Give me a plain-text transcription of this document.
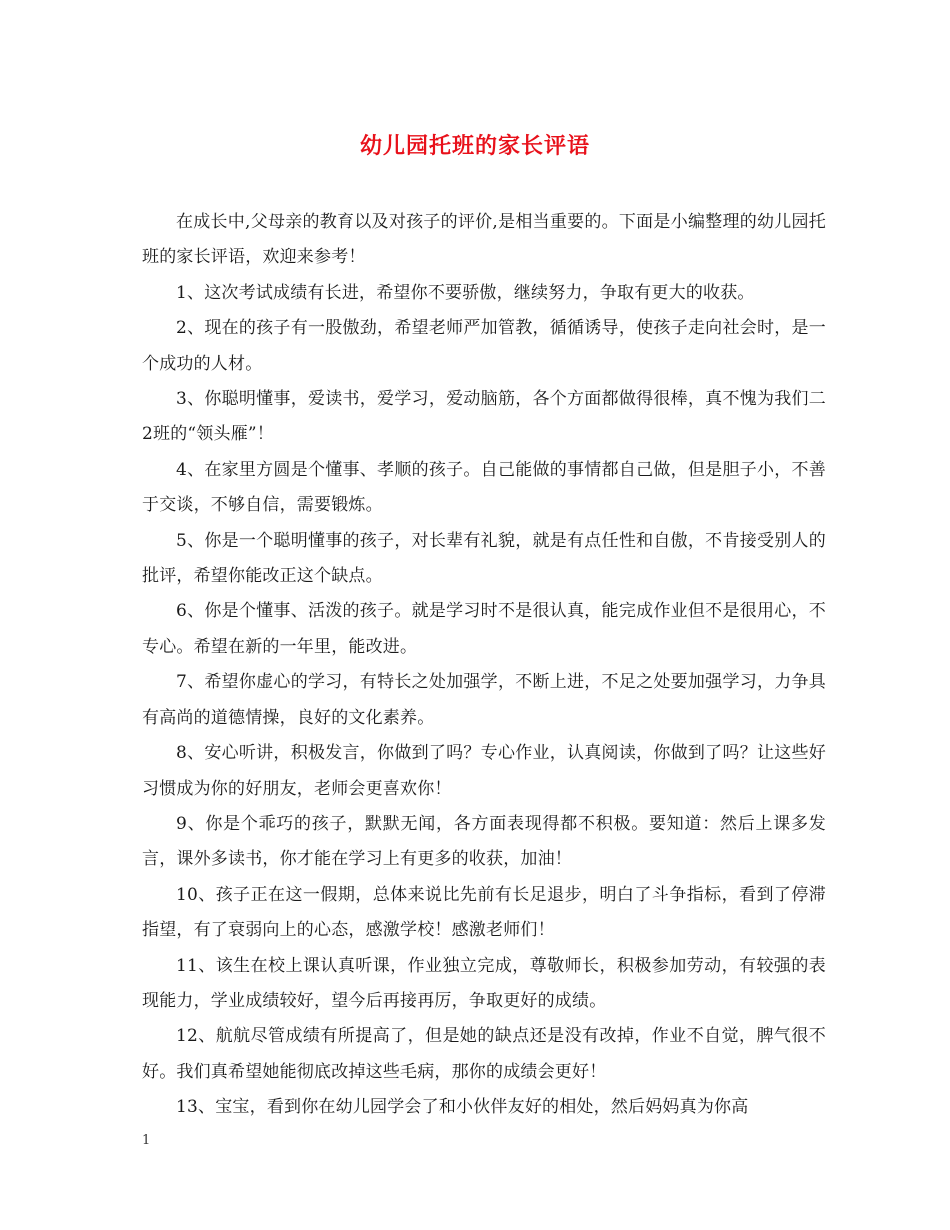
幼儿园托班的家长评语

在成长中,父母亲的教育以及对孩子的评价,是相当重要的。下面是小编整理的幼儿园托班的家长评语，欢迎来参考！

1、这次考试成绩有长进，希望你不要骄傲，继续努力，争取有更大的收获。

2、现在的孩子有一股傲劲，希望老师严加管教，循循诱导，使孩子走向社会时，是一个成功的人材。

3、你聪明懂事，爱读书，爱学习，爱动脑筋，各个方面都做得很棒，真不愧为我们二2班的“领头雁”！

4、在家里方圆是个懂事、孝顺的孩子。自己能做的事情都自己做，但是胆子小，不善于交谈，不够自信，需要锻炼。

5、你是一个聪明懂事的孩子，对长辈有礼貌，就是有点任性和自傲，不肯接受别人的批评，希望你能改正这个缺点。

6、你是个懂事、活泼的孩子。就是学习时不是很认真，能完成作业但不是很用心，不专心。希望在新的一年里，能改进。

7、希望你虚心的学习，有特长之处加强学，不断上进，不足之处要加强学习，力争具有高尚的道德情操，良好的文化素养。

8、安心听讲，积极发言，你做到了吗？专心作业，认真阅读，你做到了吗？让这些好习惯成为你的好朋友，老师会更喜欢你！

9、你是个乖巧的孩子，默默无闻，各方面表现得都不积极。要知道：然后上课多发言，课外多读书，你才能在学习上有更多的收获，加油！

10、孩子正在这一假期，总体来说比先前有长足退步，明白了斗争指标，看到了停滞指望，有了衰弱向上的心态，感激学校！感激老师们！

11、该生在校上课认真听课，作业独立完成，尊敬师长，积极参加劳动，有较强的表现能力，学业成绩较好，望今后再接再厉，争取更好的成绩。

12、航航尽管成绩有所提高了，但是她的缺点还是没有改掉，作业不自觉，脾气很不好。我们真希望她能彻底改掉这些毛病，那你的成绩会更好！

13、宝宝，看到你在幼儿园学会了和小伙伴友好的相处，然后妈妈真为你高

1
